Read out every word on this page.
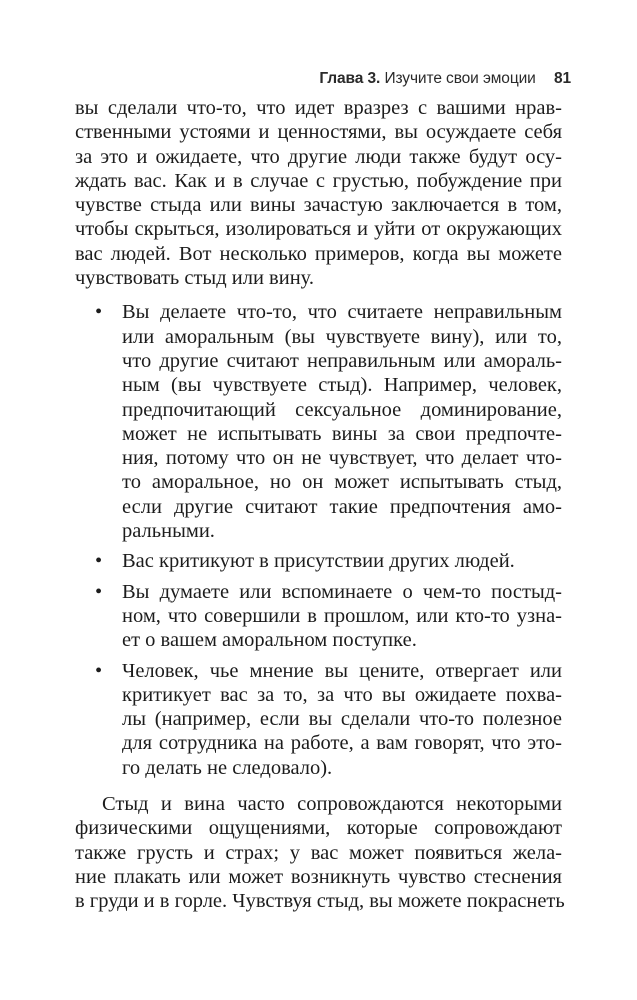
Глава 3. Изучите свои эмоции 81
вы сделали что-то, что идет вразрез с вашими нрав-
ственными устоями и ценностями, вы осуждаете себя
за это и ожидаете, что другие люди также будут осу-
ждать вас. Как и в случае с грустью, побуждение при
чувстве стыда или вины зачастую заключается в том,
чтобы скрыться, изолироваться и уйти от окружающих
вас людей. Вот несколько примеров, когда вы можете
чувствовать стыд или вину.
• Вы делаете что-то, что считаете неправильным
или аморальным (вы чувствуете вину), или то,
что другие считают неправильным или амораль-
ным (вы чувствуете стыд). Например, человек,
предпочитающий сексуальное доминирование,
может не испытывать вины за свои предпочте-
ния, потому что он не чувствует, что делает что-
то аморальное, но он может испытывать стыд,
если другие считают такие предпочтения амо-
ральными.
• Вас критикуют в присутствии других людей.
• Вы думаете или вспоминаете о чем-то постыд-
ном, что совершили в прошлом, или кто-то узна-
ет о вашем аморальном поступке.
• Человек, чье мнение вы цените, отвергает или
критикует вас за то, за что вы ожидаете похва-
лы (например, если вы сделали что-то полезное
для сотрудника на работе, а вам говорят, что это-
го делать не следовало).
Стыд и вина часто сопровождаются некоторыми
физическими ощущениями, которые сопровождают
также грусть и страх; у вас может появиться жела-
ние плакать или может возникнуть чувство стеснения
в груди и в горле. Чувствуя стыд, вы можете покраснеть
